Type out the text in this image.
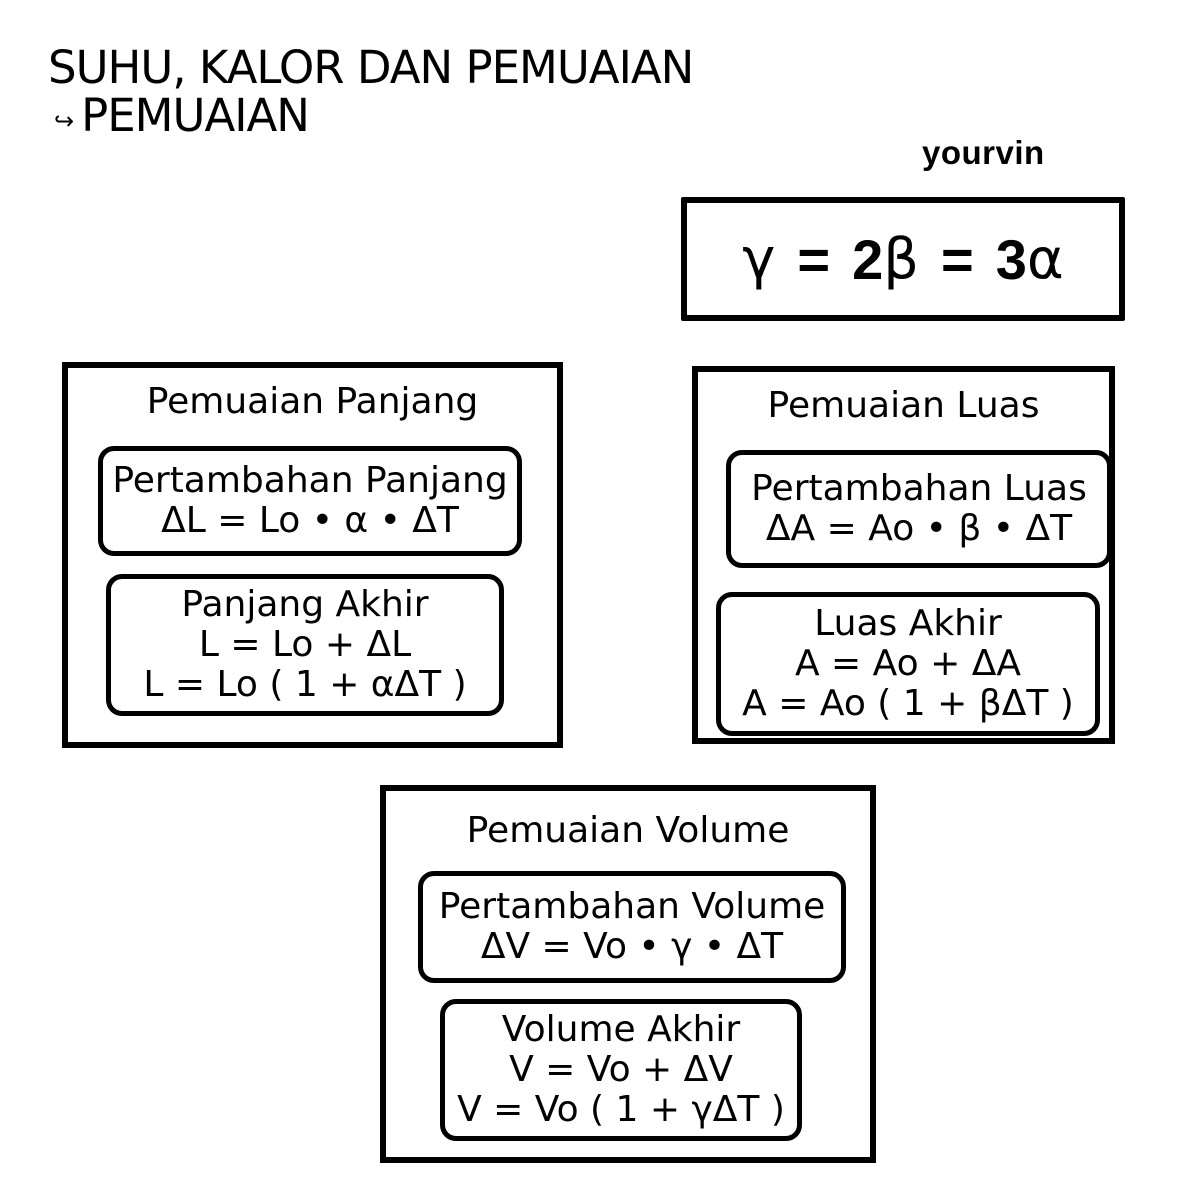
SUHU, KALOR DAN PEMUAIAN
↪ PEMUAIAN
yourvin
γ = 2 β = 3 α
Pemuaian Panjang
Pertambahan Panjang
ΔL = Lo • α • ΔT
Panjang Akhir
L = Lo + ΔL
L = Lo ( 1 + αΔT )
Pemuaian Luas
Pertambahan Luas
ΔA = Ao • β • ΔT
Luas Akhir
A = Ao + ΔA
A = Ao ( 1 + βΔT )
Pemuaian Volume
Pertambahan Volume
ΔV = Vo • γ • ΔT
Volume Akhir
V = Vo + ΔV
V = Vo ( 1 + γΔT )
